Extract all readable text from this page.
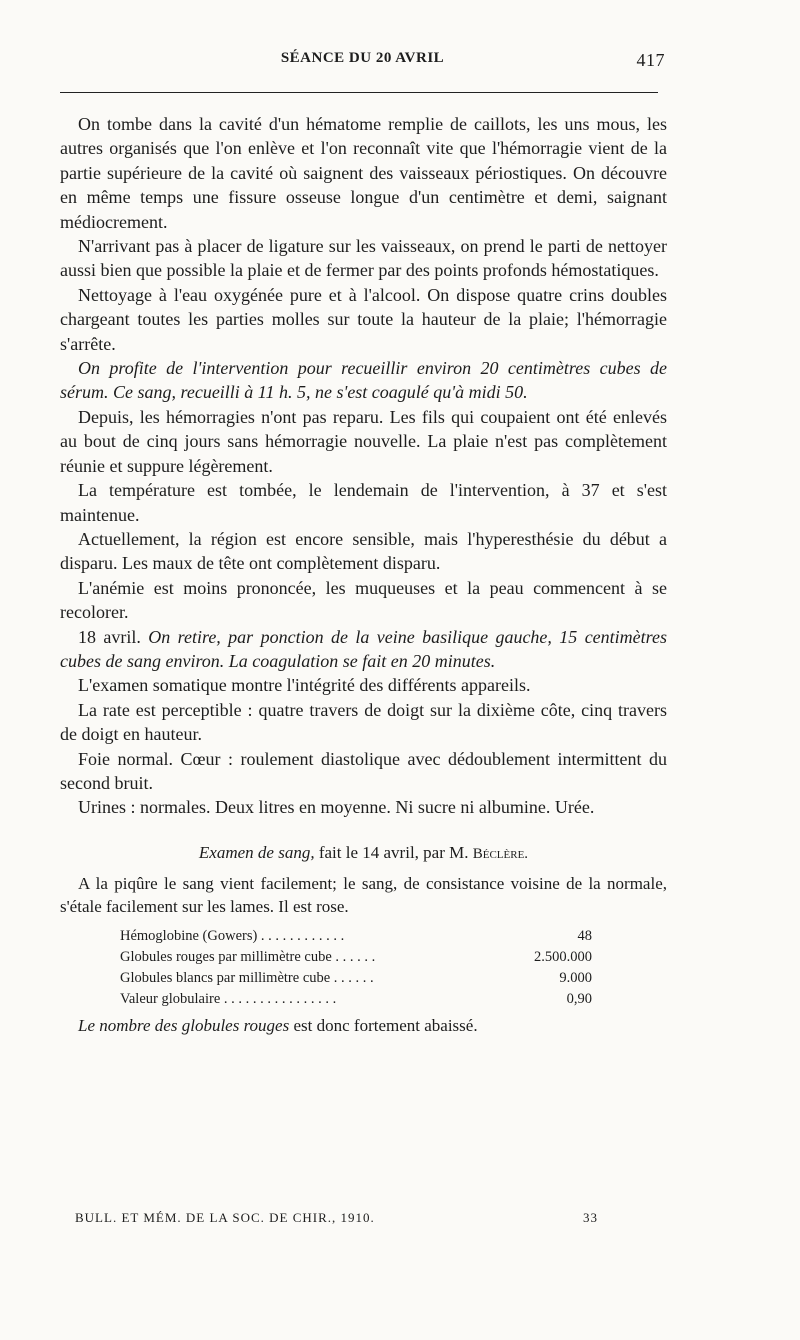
SÉANCE DU 20 AVRIL	417

On tombe dans la cavité d'un hématome remplie de caillots, les uns mous, les autres organisés que l'on enlève et l'on reconnaît vite que l'hémorragie vient de la partie supérieure de la cavité où saignent des vaisseaux périostiques. On découvre en même temps une fissure osseuse longue d'un centimètre et demi, saignant médiocrement.

N'arrivant pas à placer de ligature sur les vaisseaux, on prend le parti de nettoyer aussi bien que possible la plaie et de fermer par des points profonds hémostatiques.

Nettoyage à l'eau oxygénée pure et à l'alcool. On dispose quatre crins doubles chargeant toutes les parties molles sur toute la hauteur de la plaie; l'hémorragie s'arrête.

On profite de l'intervention pour recueillir environ 20 centimètres cubes de sérum. Ce sang, recueilli à 11 h. 5, ne s'est coagulé qu'à midi 50.

Depuis, les hémorragies n'ont pas reparu. Les fils qui coupaient ont été enlevés au bout de cinq jours sans hémorragie nouvelle. La plaie n'est pas complètement réunie et suppure légèrement.

La température est tombée, le lendemain de l'intervention, à 37 et s'est maintenue.

Actuellement, la région est encore sensible, mais l'hyperesthésie du début a disparu. Les maux de tête ont complètement disparu.

L'anémie est moins prononcée, les muqueuses et la peau commencent à se recolorer.

18 avril. On retire, par ponction de la veine basilique gauche, 15 centimètres cubes de sang environ. La coagulation se fait en 20 minutes.

L'examen somatique montre l'intégrité des différents appareils.

La rate est perceptible : quatre travers de doigt sur la dixième côte, cinq travers de doigt en hauteur.

Foie normal. Cœur : roulement diastolique avec dédoublement intermittent du second bruit.

Urines : normales. Deux litres en moyenne. Ni sucre ni albumine. Urée.

Examen de sang, fait le 14 avril, par M. Béclère.

A la piqûre le sang vient facilement; le sang, de consistance voisine de la normale, s'étale facilement sur les lames. Il est rose.

Hémoglobine (Gowers) . . . . . . . . . . . .	48
Globules rouges par millimètre cube . . . . . .	2.500.000
Globules blancs par millimètre cube . . . . . .	9.000
Valeur globulaire . . . . . . . . . . . . . . . .	0,90

Le nombre des globules rouges est donc fortement abaissé.

BULL. ET MÉM. DE LA SOC. DE CHIR., 1910.	33
